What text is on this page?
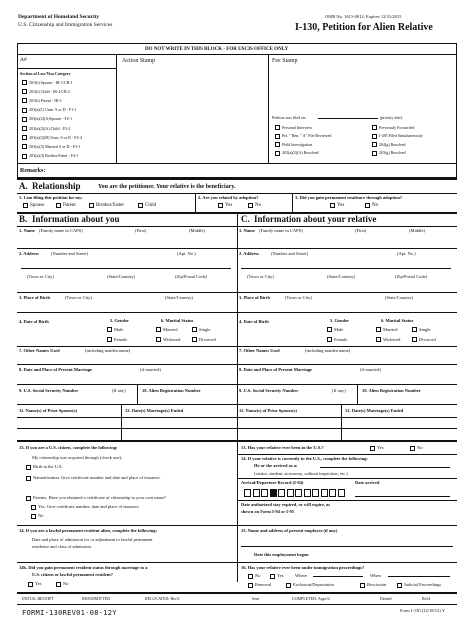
Department of Homeland Security
U.S. Citizenship and Immigration Services
OMB No. 1615-0012; Expires 12/31/2015
I-130, Petition for Alien Relative
DO NOT WRITE IN THIS BLOCK - FOR USCIS OFFICE ONLY
A#	Action Stamp	Fee Stamp
Section of Law/Visa Category
201(b) Spouse - IR-1/CR-1
201(b) Child - IR-2/CR-2
201(b) Parent - IR-5
203(a)(1) Unm. S or D - F1-1
203(a)(2)(A)Spouse - F2-1
203(a)(2)(A) Child - F2-2
203(a)(2)(B) Unm. S or D - F2-4
203(a)(3) Married S or D - F3-1
203(a)(4) Brother/Sister - F4-1
Petition was filed on:	(priority date)
Personal Interview
Pet. " Ben. " A" File Reviewed
Field Investigation
203(a)(2)(A) Resolved
Previously Forwarded
I-485 Filed Simultaneously
204(g) Resolved
203(g) Resolved
Remarks:
A. Relationship	You are the petitioner. Your relative is the beneficiary.
1. I am filing this petition for my:
Spouse	Parent	Brother/Sister	Child
2. Are you related by adoption?
Yes	No
3. Did you gain permanent residence through adoption?
Yes	No
B. Information about you	C. Information about your relative
1. Name (Family name in CAPS)	(First)	(Middle)
2. Address	(Number and Street)	(Apt. No.)
(Town or City)	(State/Country)	(Zip/Postal Code)
3. Place of Birth	(Town or City)	(State/Country)
4. Date of Birth	5. Gender
Male
Female
6. Marital Status
Married	Single
Widowed	Divorced
7. Other Names Used	(including maiden name)
8. Date and Place of Present Marriage	(if married)
9. U.S. Social Security Number	(If any)	10. Alien Registration Number
11. Name(s) of Prior Spouse(s)	12. Date(s) Marriage(s) Ended
1. Name (Family name in CAPS)	(First)	(Middle)
2. Address	(Number and Street)	(Apt. No.)
(Town or City)	(State/Country)	(Zip/Postal Code)
3. Place of Birth	(Town or City)	(State/Country)
4. Date of Birth	5. Gender
Male
Female
6. Marital Status
Married	Single
Widowed	Divorced
7. Other Names Used	(including maiden name)
8. Date and Place of Present Marriage	(if married)
9. U.S. Social Security Number	(If any)	10. Alien Registration Number
11. Name(s) of Prior Spouse(s)	12. Date(s) Marriage(s) Ended
13. If you are a U.S. citizen, complete the following:
My citizenship was acquired through (check one):
Birth in the U.S.
Naturalization. Give certificate number and date and place of issuance.
Parents. Have you obtained a certificate of citizenship in your own name?
Yes. Give certificate number, date and place of issuance.
No
14. If you are a lawful permanent resident alien, complete the following:
Date and place of admission for or adjustment to lawful permanent
residence and class of admission.
14b. Did you gain permanent resident status through marriage to a
U.S. citizen or lawful permanent resident?
Yes	No
13. Has your relative ever been in the U.S.?	Yes	No
14. If your relative is currently in the U.S., complete the following:
He or she arrived as a:
(visitor, student, stowaway, without inspection, etc.)
Arrival/Departure Record (I-94)	Date arrived
Date authorized stay expired, or will expire, as
shown on Form I-94 or I-95
15. Name and address of present employer (if any)
Date this employment began
16. Has your relative ever been under immigration proceedings?
No	Yes	Where	When
Removal	Exclusion/Deportation	Rescission	Judicial Proceedings
INITIAL RECEIPT	RESUBMITTED	RELOCATED: Rec'd	Sent	COMPLETED: Appv'd	Denied	Ret'd
FORMI-130REV01-08-12Y	Form I-130 (12/18/12) Y
